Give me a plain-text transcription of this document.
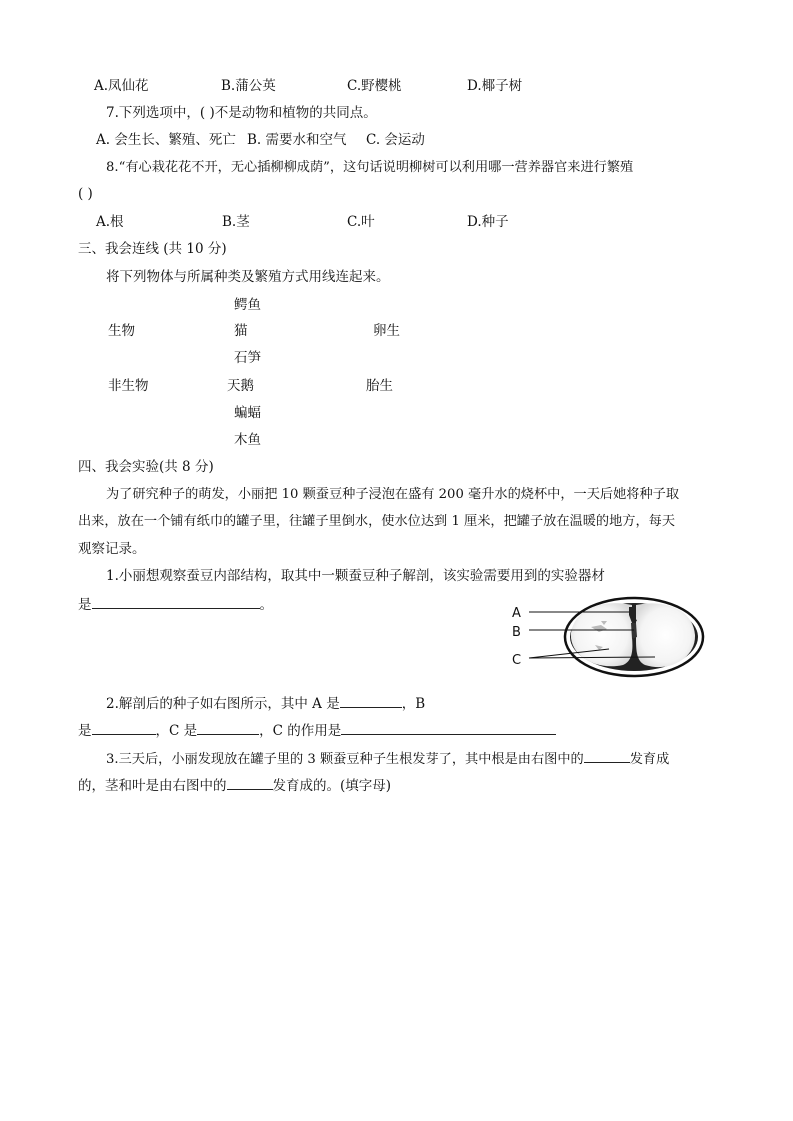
A.凤仙花	B.蒲公英	C.野樱桃	D.椰子树
7.下列选项中，( )不是动物和植物的共同点。
A. 会生长、繁殖、死亡 B. 需要水和空气 C. 会运动
8.“有心栽花花不开，无心插柳柳成荫”，这句话说明柳树可以利用哪一营养器官来进行繁殖
( )
A.根	B.茎	C.叶	D.种子
三、我会连线 (共 10 分)
将下列物体与所属种类及繁殖方式用线连起来。
生物
非生物
鳄鱼
猫
石笋
天鹅
蝙蝠
木鱼
卵生
胎生
四、我会实验(共 8 分)
为了研究种子的萌发，小丽把 10 颗蚕豆种子浸泡在盛有 200 毫升水的烧杯中，一天后她将种子取
出来，放在一个铺有纸巾的罐子里，往罐子里倒水，使水位达到 1 厘米，把罐子放在温暖的地方，每天
观察记录。
1.小丽想观察蚕豆内部结构，取其中一颗蚕豆种子解剖，该实验需要用到的实验器材
是	。
2.解剖后的种子如右图所示，其中 A 是	，B
是	，C 是	，C 的作用是
3.三天后，小丽发现放在罐子里的 3 颗蚕豆种子生根发芽了，其中根是由右图中的	发育成
的，茎和叶是由右图中的	发育成的。(填字母)
A
B
C
